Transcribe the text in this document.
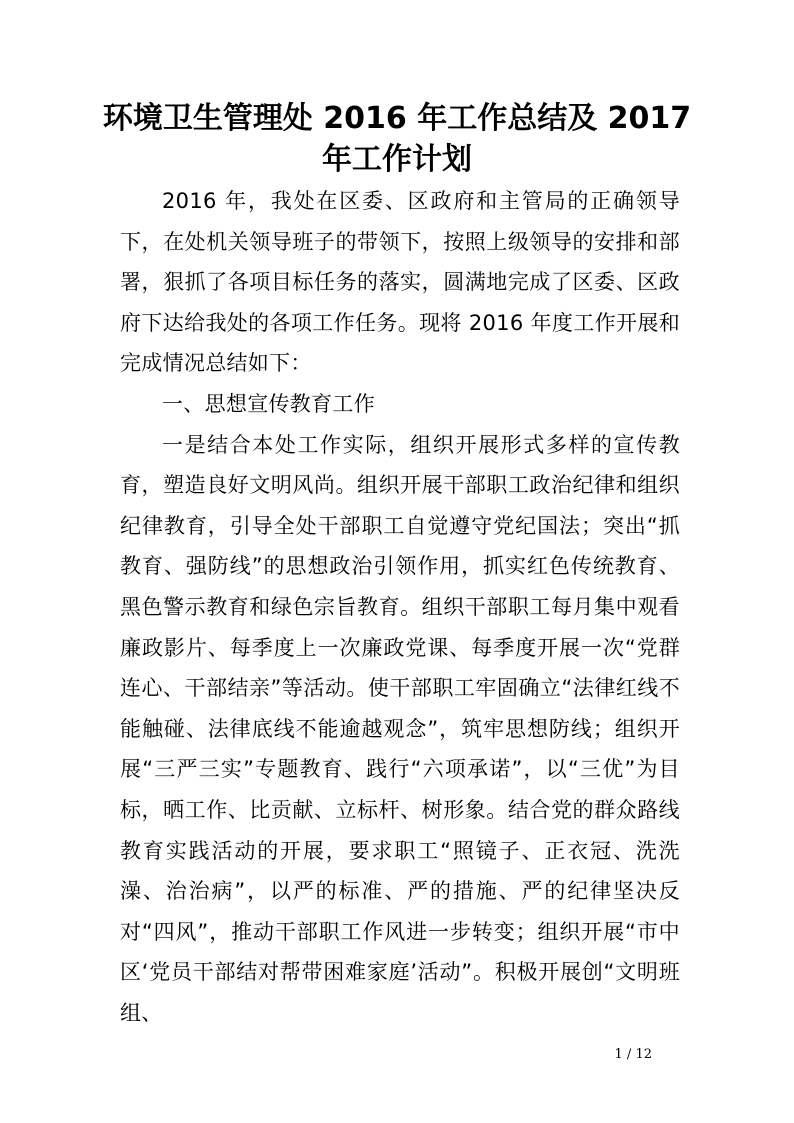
环境卫生管理处 2016 年工作总结及 2017
年工作计划

2016 年，我处在区委、区政府和主管局的正确领导下，在处机关领导班子的带领下，按照上级领导的安排和部署，狠抓了各项目标任务的落实，圆满地完成了区委、区政府下达给我处的各项工作任务。现将 2016 年度工作开展和完成情况总结如下：

一、思想宣传教育工作

一是结合本处工作实际，组织开展形式多样的宣传教育，塑造良好文明风尚。组织开展干部职工政治纪律和组织纪律教育，引导全处干部职工自觉遵守党纪国法；突出“抓教育、强防线”的思想政治引领作用，抓实红色传统教育、黑色警示教育和绿色宗旨教育。组织干部职工每月集中观看廉政影片、每季度上一次廉政党课、每季度开展一次“党群连心、干部结亲”等活动。使干部职工牢固确立“法律红线不能触碰、法律底线不能逾越观念”，筑牢思想防线；组织开展“三严三实”专题教育、践行“六项承诺”，以“三优”为目标，晒工作、比贡献、立标杆、树形象。结合党的群众路线教育实践活动的开展，要求职工“照镜子、正衣冠、洗洗澡、治治病”，以严的标准、严的措施、严的纪律坚决反对“四风”，推动干部职工作风进一步转变；组织开展“市中区‘党员干部结对帮带困难家庭’活动”。积极开展创“文明班组、

1 / 12
